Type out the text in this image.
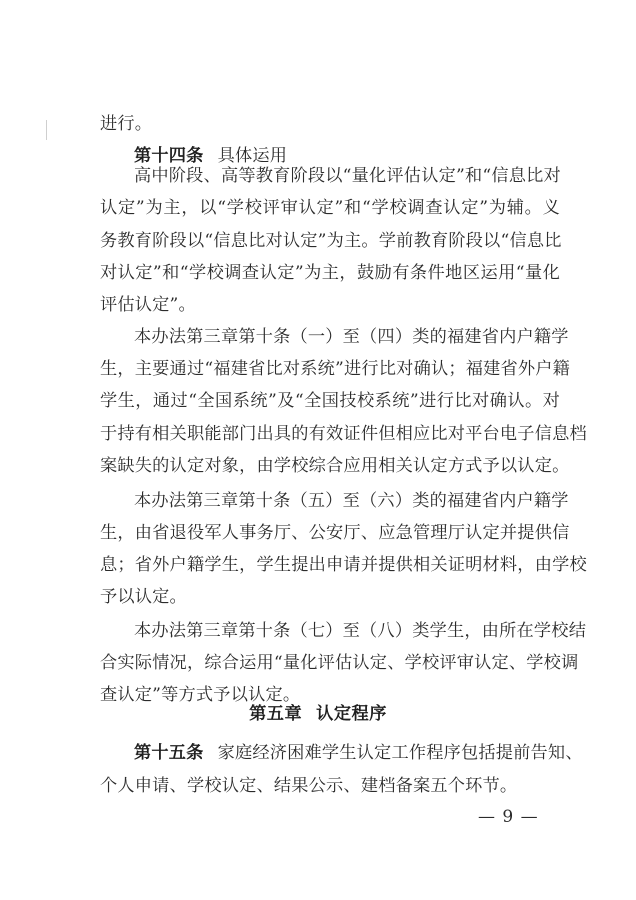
— 9 —
进行。
第十四条 具体运用
高中阶段、高等教育阶段以“量化评估认定”和“信息比对
认定”为主，以“学校评审认定”和“学校调查认定”为辅。义
务教育阶段以“信息比对认定”为主。学前教育阶段以“信息比
对认定”和“学校调查认定”为主，鼓励有条件地区运用“量化
评估认定”。
本办法第三章第十条（一）至（四）类的福建省内户籍学
生，主要通过“福建省比对系统”进行比对确认；福建省外户籍
学生，通过“全国系统”及“全国技校系统”进行比对确认。对
于持有相关职能部门出具的有效证件但相应比对平台电子信息档
案缺失的认定对象，由学校综合应用相关认定方式予以认定。
本办法第三章第十条（五）至（六）类的福建省内户籍学
生，由省退役军人事务厅、公安厅、应急管理厅认定并提供信
息；省外户籍学生，学生提出申请并提供相关证明材料，由学校
予以认定。
本办法第三章第十条（七）至（八）类学生，由所在学校结
合实际情况，综合运用“量化评估认定、学校评审认定、学校调
查认定”等方式予以认定。
第五章 认定程序
第十五条 家庭经济困难学生认定工作程序包括提前告知、
个人申请、学校认定、结果公示、建档备案五个环节。
